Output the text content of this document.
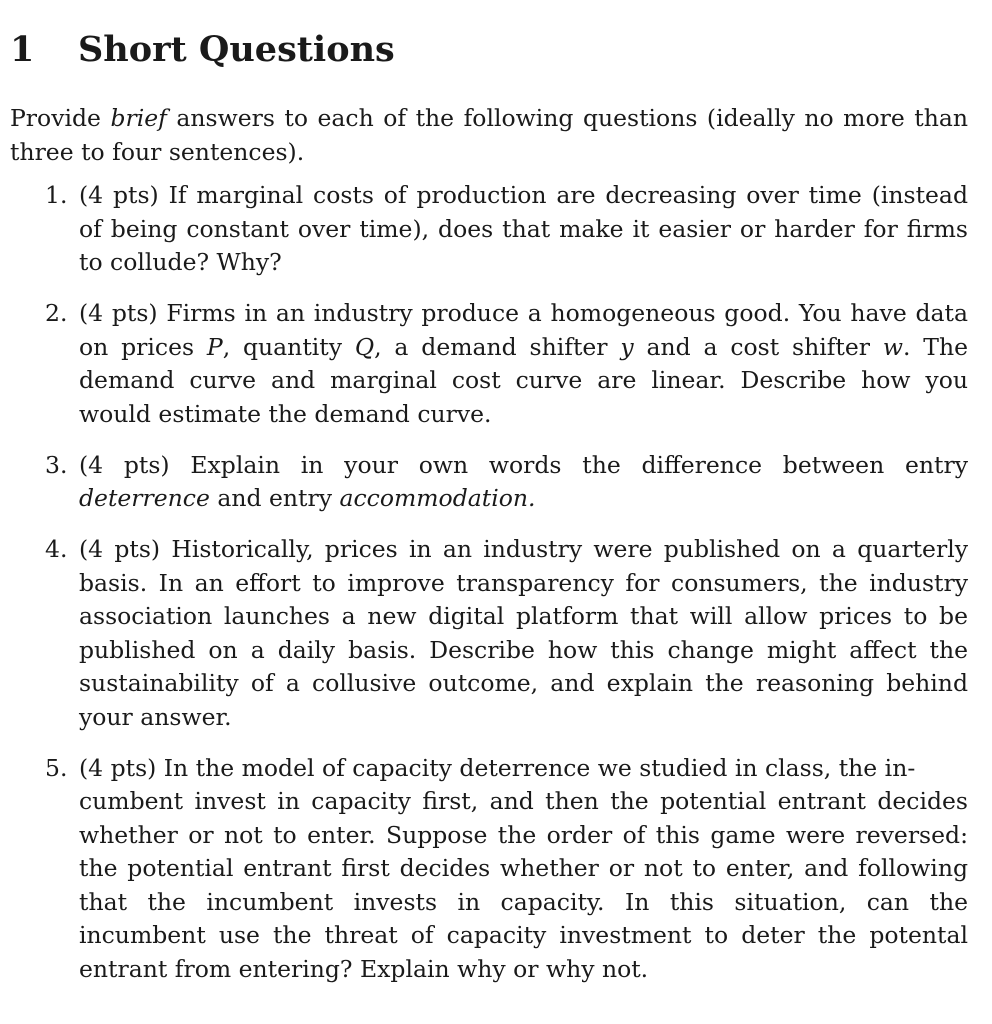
1	Short Questions

Provide brief answers to each of the following questions (ideally no more than three to four sentences).

1. (4 pts) If marginal costs of production are decreasing over time (instead of being constant over time), does that make it easier or harder for firms to collude? Why?
2. (4 pts) Firms in an industry produce a homogeneous good. You have data on prices P, quantity Q, a demand shifter y and a cost shifter w. The demand curve and marginal cost curve are linear. Describe how you would estimate the demand curve.
3. (4 pts) Explain in your own words the difference between entry deterrence and entry accommodation.
4. (4 pts) Historically, prices in an industry were published on a quarterly basis. In an effort to improve transparency for consumers, the industry association launches a new digital platform that will allow prices to be published on a daily basis. Describe how this change might affect the sustainability of a collusive outcome, and explain the reasoning behind your answer.
5. (4 pts) In the model of capacity deterrence we studied in class, the in-
cumbent invest in capacity first, and then the potential entrant decides whether or not to enter. Suppose the order of this game were reversed: the potential entrant first decides whether or not to enter, and following that the incumbent invests in capacity. In this situation, can the incumbent use the threat of capacity investment to deter the potental entrant from entering? Explain why or why not.
